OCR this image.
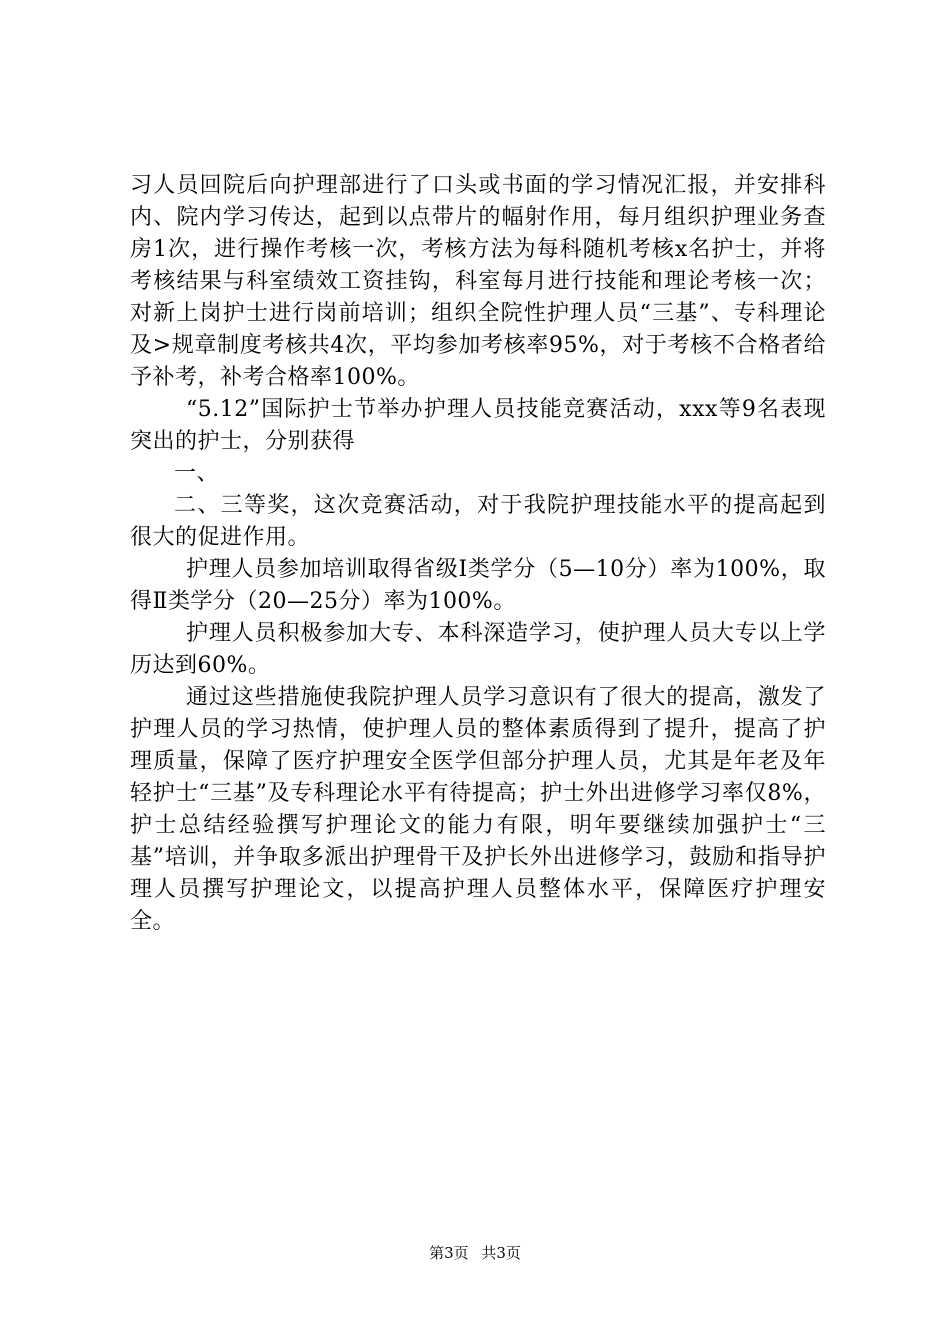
习人员回院后向护理部进行了口头或书面的学习情况汇报，并安排科内、院内学习传达，起到以点带片的幅射作用，每月组织护理业务查房1次，进行操作考核一次，考核方法为每科随机考核x名护士，并将考核结果与科室绩效工资挂钩，科室每月进行技能和理论考核一次；对新上岗护士进行岗前培训；组织全院性护理人员“三基”、专科理论及>规章制度考核共4次，平均参加考核率95%，对于考核不合格者给予补考，补考合格率100%。

“5.12”国际护士节举办护理人员技能竞赛活动，xxx等9名表现突出的护士，分别获得

一、

二、三等奖，这次竞赛活动，对于我院护理技能水平的提高起到很大的促进作用。

护理人员参加培训取得省级Ⅰ类学分（5—10分）率为100%，取得Ⅱ类学分（20—25分）率为100%。

护理人员积极参加大专、本科深造学习，使护理人员大专以上学历达到60%。

通过这些措施使我院护理人员学习意识有了很大的提高，激发了护理人员的学习热情，使护理人员的整体素质得到了提升，提高了护理质量，保障了医疗护理安全医学但部分护理人员，尤其是年老及年轻护士“三基”及专科理论水平有待提高；护士外出进修学习率仅8%，护士总结经验撰写护理论文的能力有限，明年要继续加强护士“三基”培训，并争取多派出护理骨干及护长外出进修学习，鼓励和指导护理人员撰写护理论文，以提高护理人员整体水平，保障医疗护理安全。

第3页 共3页
